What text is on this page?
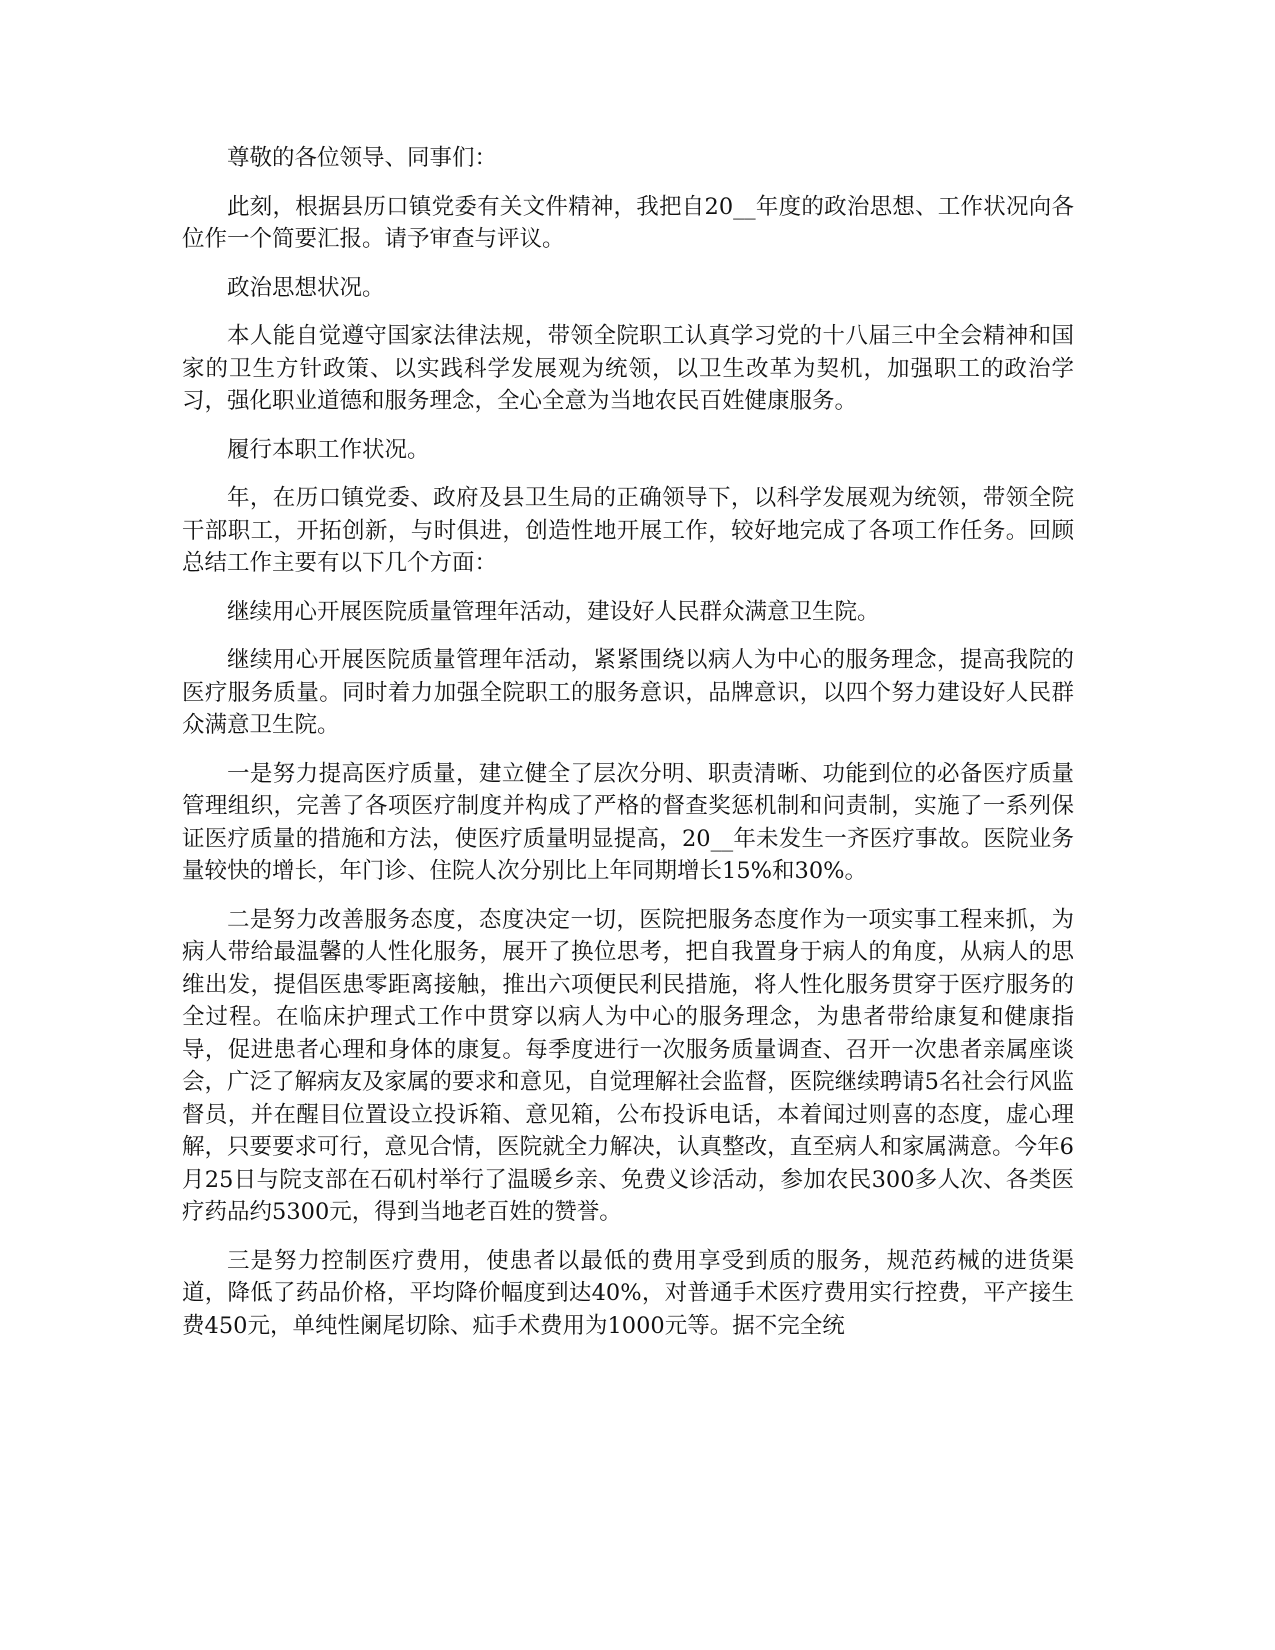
尊敬的各位领导、同事们：

此刻，根据县历口镇党委有关文件精神，我把自20__年度的政治思想、工作状况向各位作一个简要汇报。请予审查与评议。

政治思想状况。

本人能自觉遵守国家法律法规，带领全院职工认真学习党的十八届三中全会精神和国家的卫生方针政策、以实践科学发展观为统领，以卫生改革为契机，加强职工的政治学习，强化职业道德和服务理念，全心全意为当地农民百姓健康服务。

履行本职工作状况。

年，在历口镇党委、政府及县卫生局的正确领导下，以科学发展观为统领，带领全院干部职工，开拓创新，与时俱进，创造性地开展工作，较好地完成了各项工作任务。回顾总结工作主要有以下几个方面：

继续用心开展医院质量管理年活动，建设好人民群众满意卫生院。

继续用心开展医院质量管理年活动，紧紧围绕以病人为中心的服务理念，提高我院的医疗服务质量。同时着力加强全院职工的服务意识，品牌意识，以四个努力建设好人民群众满意卫生院。

一是努力提高医疗质量，建立健全了层次分明、职责清晰、功能到位的必备医疗质量管理组织，完善了各项医疗制度并构成了严格的督查奖惩机制和问责制，实施了一系列保证医疗质量的措施和方法，使医疗质量明显提高，20__年未发生一齐医疗事故。医院业务量较快的增长，年门诊、住院人次分别比上年同期增长15%和30%。

二是努力改善服务态度，态度决定一切，医院把服务态度作为一项实事工程来抓，为病人带给最温馨的人性化服务，展开了换位思考，把自我置身于病人的角度，从病人的思维出发，提倡医患零距离接触，推出六项便民利民措施，将人性化服务贯穿于医疗服务的全过程。在临床护理式工作中贯穿以病人为中心的服务理念，为患者带给康复和健康指导，促进患者心理和身体的康复。每季度进行一次服务质量调查、召开一次患者亲属座谈会，广泛了解病友及家属的要求和意见，自觉理解社会监督，医院继续聘请5名社会行风监督员，并在醒目位置设立投诉箱、意见箱，公布投诉电话，本着闻过则喜的态度，虚心理解，只要要求可行，意见合情，医院就全力解决，认真整改，直至病人和家属满意。今年6月25日与院支部在石矶村举行了温暖乡亲、免费义诊活动，参加农民300多人次、各类医疗药品约5300元，得到当地老百姓的赞誉。

三是努力控制医疗费用，使患者以最低的费用享受到质的服务，规范药械的进货渠道，降低了药品价格，平均降价幅度到达40%，对普通手术医疗费用实行控费，平产接生费450元，单纯性阑尾切除、疝手术费用为1000元等。据不完全统
